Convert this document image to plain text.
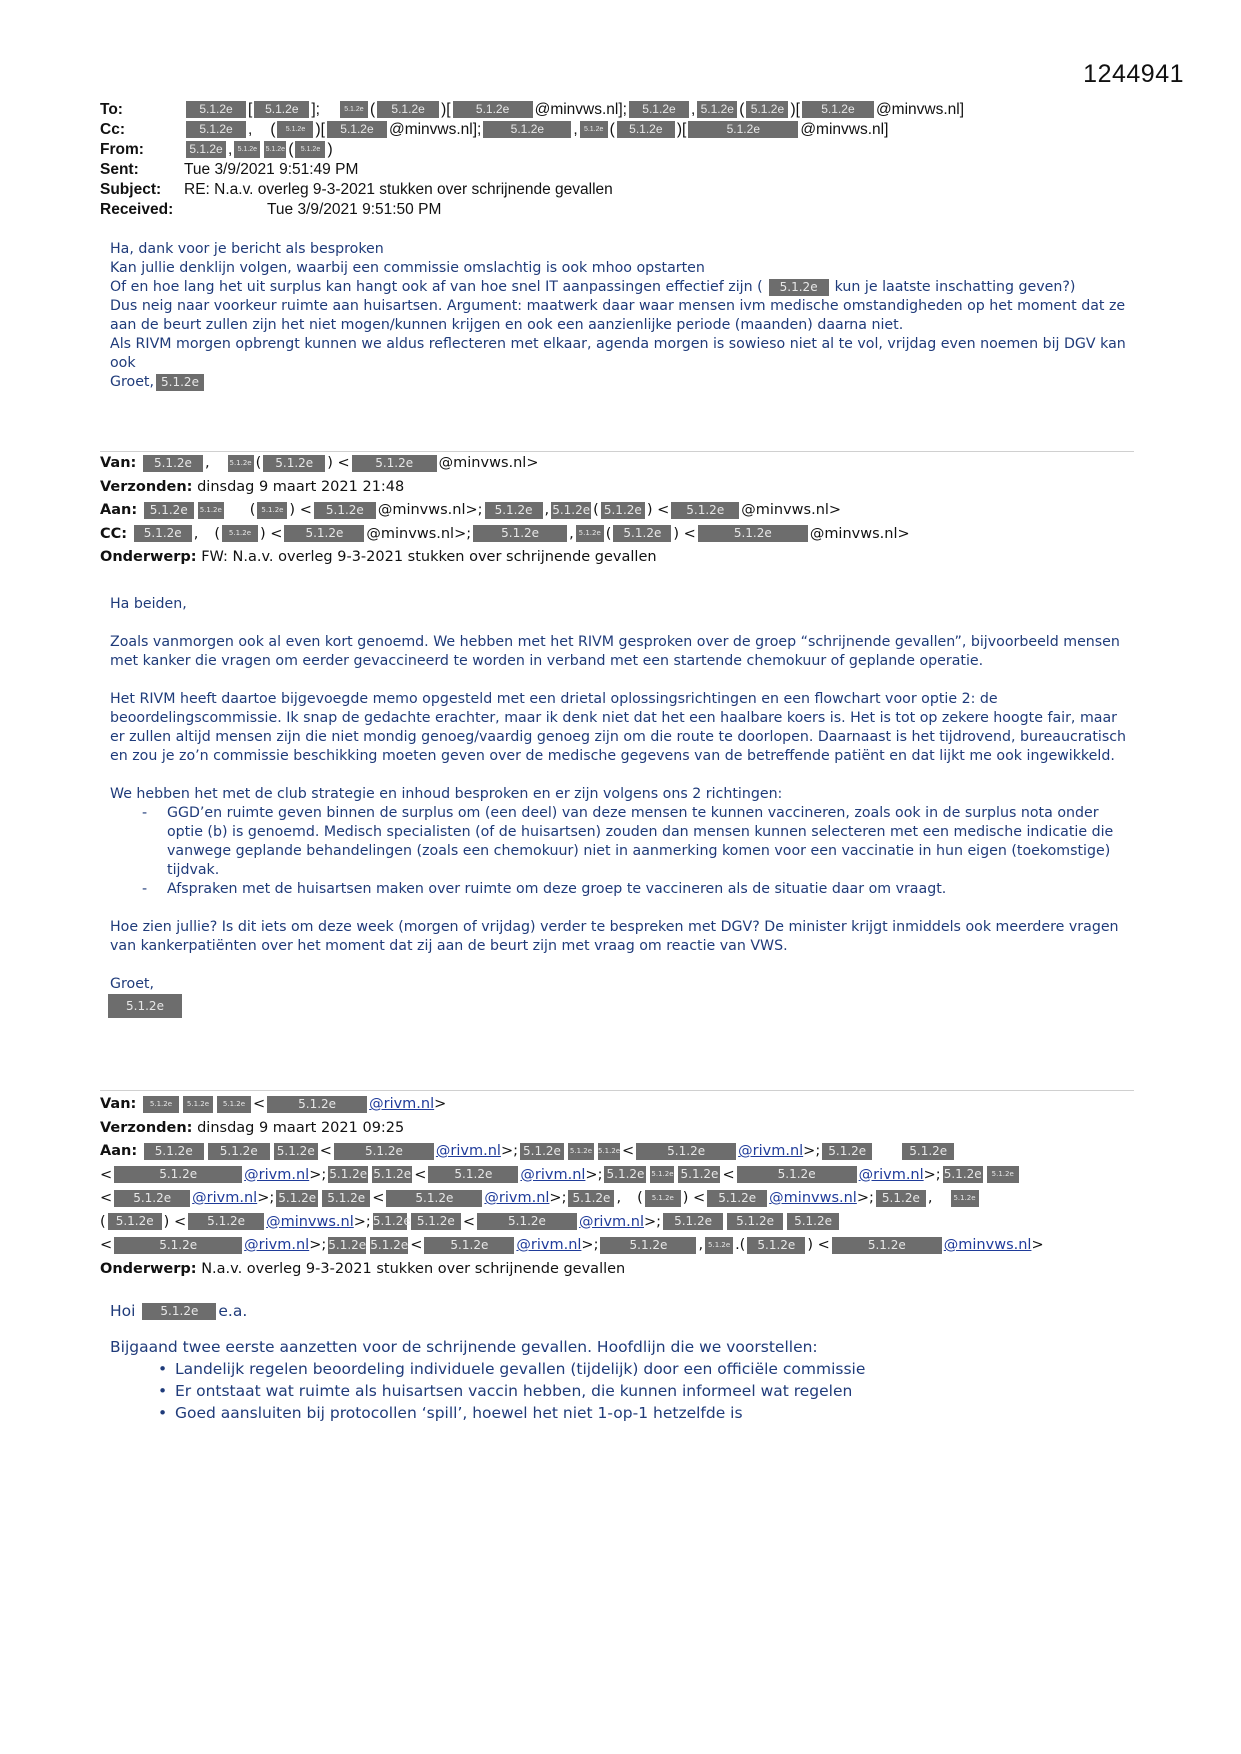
1244941
To:	5.1.2e [ 5.1.2e ];	5.1.2e ( 5.1.2e )[ 5.1.2e @minvws.nl]; 5.1.2e , 5.1.2e ( 5.1.2e )[ 5.1.2e @minvws.nl]
Cc:	5.1.2e , ( 5.1.2e )[ 5.1.2e @minvws.nl]; 5.1.2e , 5.1.2e ( 5.1.2e )[	5.1.2e	@minvws.nl]
From:	5.1.2e , 5.1.2e 5.1.2e ( 5.1.2e )
Sent:	Tue 3/9/2021 9:51:49 PM
Subject: RE: N.a.v. overleg 9-3-2021 stukken over schrijnende gevallen
Received:	Tue 3/9/2021 9:51:50 PM

Ha, dank voor je bericht als besproken

Kan jullie denklijn volgen, waarbij een commissie omslachtig is ook mhoo opstarten

Of en hoe lang het uit surplus kan hangt ook af van hoe snel IT aanpassingen effectief zijn ( 5.1.2e kun je laatste inschatting geven?)

Dus neig naar voorkeur ruimte aan huisartsen. Argument: maatwerk daar waar mensen ivm medische omstandigheden op het moment dat ze aan de beurt zullen zijn het niet mogen/kunnen krijgen en ook een aanzienlijke periode (maanden) daarna niet.

Als RIVM morgen opbrengt kunnen we aldus reflecteren met elkaar, agenda morgen is sowieso niet al te vol, vrijdag even noemen bij DGV kan ook

Groet, 5.1.2e

Van: 5.1.2e ,	5.1.2e ( 5.1.2e ) < 5.1.2e @minvws.nl>
Verzonden: dinsdag 9 maart 2021 21:48
Aan: 5.1.2e 5.1.2e ( 5.1.2e ) < 5.1.2e @minvws.nl>; 5.1.2e , 5.1.2e ( 5.1.2e ) < 5.1.2e @minvws.nl>
CC: 5.1.2e , ( 5.1.2e ) < 5.1.2e @minvws.nl>;	5.1.2e , 5.1.2e ( 5.1.2e ) <	5.1.2e	@minvws.nl>
Onderwerp: FW: N.a.v. overleg 9-3-2021 stukken over schrijnende gevallen

Ha beiden,

Zoals vanmorgen ook al even kort genoemd. We hebben met het RIVM gesproken over de groep “schrijnende gevallen”, bijvoorbeeld mensen met kanker die vragen om eerder gevaccineerd te worden in verband met een startende chemokuur of geplande operatie.

Het RIVM heeft daartoe bijgevoegde memo opgesteld met een drietal oplossingsrichtingen en een flowchart voor optie 2: de beoordelingscommissie. Ik snap de gedachte erachter, maar ik denk niet dat het een haalbare koers is. Het is tot op zekere hoogte fair, maar er zullen altijd mensen zijn die niet mondig genoeg/vaardig genoeg zijn om die route te doorlopen. Daarnaast is het tijdrovend, bureaucratisch en zou je zo’n commissie beschikking moeten geven over de medische gegevens van de betreffende patiënt en dat lijkt me ook ingewikkeld.

We hebben het met de club strategie en inhoud besproken en er zijn volgens ons 2 richtingen:

- GGD’en ruimte geven binnen de surplus om (een deel) van deze mensen te kunnen vaccineren, zoals ook in de surplus nota onder optie (b) is genoemd. Medisch specialisten (of de huisartsen) zouden dan mensen kunnen selecteren met een medische indicatie die vanwege geplande behandelingen (zoals een chemokuur) niet in aanmerking komen voor een vaccinatie in hun eigen (toekomstige) tijdvak.
- Afspraken met de huisartsen maken over ruimte om deze groep te vaccineren als de situatie daar om vraagt.

Hoe zien jullie? Is dit iets om deze week (morgen of vrijdag) verder te bespreken met DGV? De minister krijgt inmiddels ook meerdere vragen van kankerpatiënten over het moment dat zij aan de beurt zijn met vraag om reactie van VWS.

Groet,

5.1.2e

Van: 5.1.2e 5.1.2e 5.1.2e <	5.1.2e @rivm.nl>
Verzonden: dinsdag 9 maart 2021 09:25
Aan: 5.1.2e 5.1.2e 5.1.2e <	5.1.2e @rivm.nl>; 5.1.2e 5.1.2e 5.1.2e <	5.1.2e @rivm.nl>; 5.1.2e	5.1.2e
<	5.1.2e	@rivm.nl>; 5.1.2e 5.1.2e < 5.1.2e @rivm.nl>; 5.1.2e 5.1.2e 5.1.2e <	5.1.2e	@rivm.nl>; 5.1.2e 5.1.2e
< 5.1.2e @rivm.nl>; 5.1.2e 5.1.2e <	5.1.2e @rivm.nl>; 5.1.2e , ( 5.1.2e ) < 5.1.2e @minvws.nl>; 5.1.2e ,	5.1.2e
( 5.1.2e ) < 5.1.2e @minvws.nl>; 5.1.2e 5.1.2e <	5.1.2e @rivm.nl>; 5.1.2e 5.1.2e 5.1.2e
<	5.1.2e	@rivm.nl>; 5.1.2e 5.1.2e < 5.1.2e @rivm.nl>;	5.1.2e , 5.1.2e .( 5.1.2e ) <	5.1.2e	@minvws.nl>
Onderwerp: N.a.v. overleg 9-3-2021 stukken over schrijnende gevallen

Hoi 5.1.2e e.a.

Bijgaand twee eerste aanzetten voor de schrijnende gevallen. Hoofdlijn die we voorstellen:

• Landelijk regelen beoordeling individuele gevallen (tijdelijk) door een officiële commissie
• Er ontstaat wat ruimte als huisartsen vaccin hebben, die kunnen informeel wat regelen
• Goed aansluiten bij protocollen ‘spill’, hoewel het niet 1-op-1 hetzelfde is
